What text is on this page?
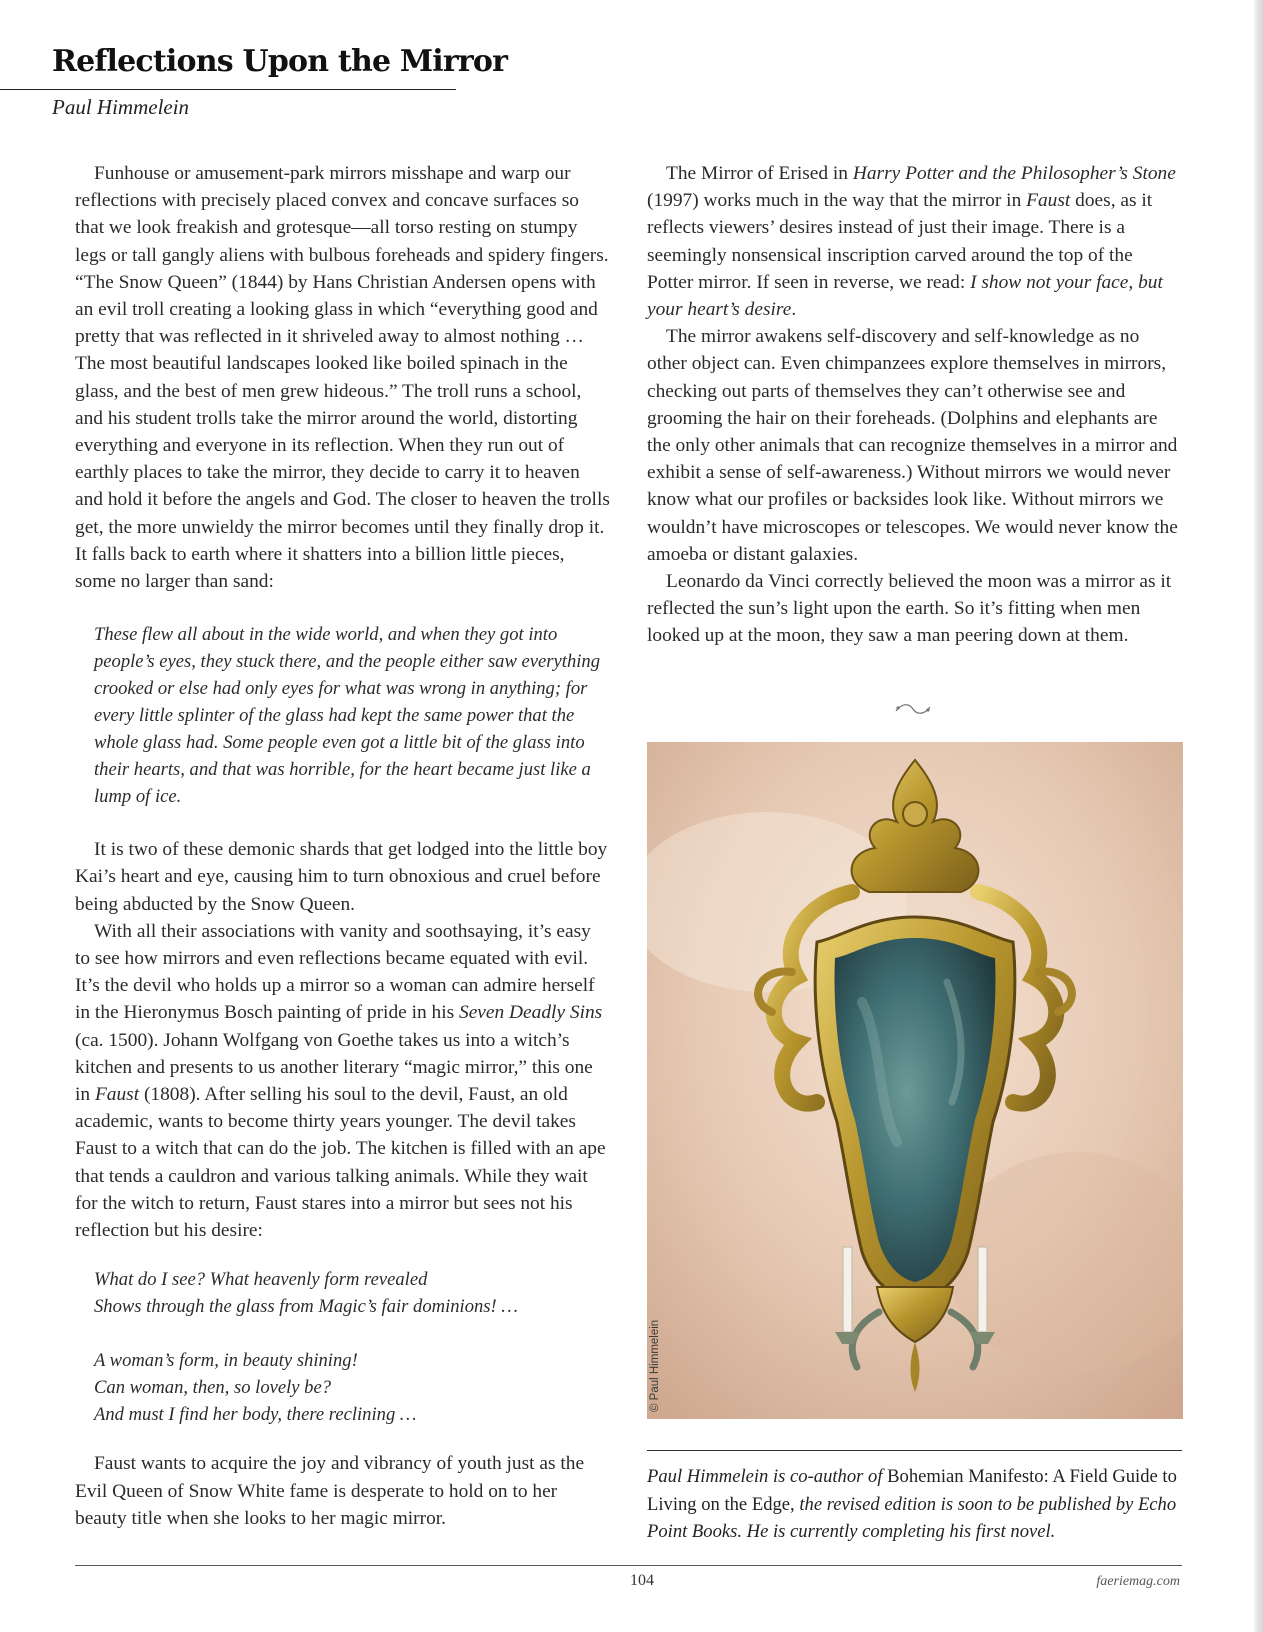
Reflections Upon the Mirror
Paul Himmelein

Funhouse or amusement-park mirrors misshape and warp our reflections with precisely placed convex and concave surfaces so that we look freakish and grotesque—all torso resting on stumpy legs or tall gangly aliens with bulbous foreheads and spidery fingers. “The Snow Queen” (1844) by Hans Christian Andersen opens with an evil troll creating a looking glass in which “everything good and pretty that was reflected in it shriveled away to almost nothing … The most beautiful landscapes looked like boiled spinach in the glass, and the best of men grew hideous.” The troll runs a school, and his student trolls take the mirror around the world, distorting everything and everyone in its reflection. When they run out of earthly places to take the mirror, they decide to carry it to heaven and hold it before the angels and God. The closer to heaven the trolls get, the more unwieldy the mirror becomes until they finally drop it. It falls back to earth where it shatters into a billion little pieces, some no larger than sand:

These flew all about in the wide world, and when they got into people’s eyes, they stuck there, and the people either saw everything crooked or else had only eyes for what was wrong in anything; for every little splinter of the glass had kept the same power that the whole glass had. Some people even got a little bit of the glass into their hearts, and that was horrible, for the heart became just like a lump of ice.

It is two of these demonic shards that get lodged into the little boy Kai’s heart and eye, causing him to turn obnoxious and cruel before being abducted by the Snow Queen.

With all their associations with vanity and soothsaying, it’s easy to see how mirrors and even reflections became equated with evil. It’s the devil who holds up a mirror so a woman can admire herself in the Hieronymus Bosch painting of pride in his Seven Deadly Sins (ca. 1500). Johann Wolfgang von Goethe takes us into a witch’s kitchen and presents to us another literary “magic mirror,” this one in Faust (1808). After selling his soul to the devil, Faust, an old academic, wants to become thirty years younger. The devil takes Faust to a witch that can do the job. The kitchen is filled with an ape that tends a cauldron and various talking animals. While they wait for the witch to return, Faust stares into a mirror but sees not his reflection but his desire:

What do I see? What heavenly form revealed
Shows through the glass from Magic’s fair dominions! …
A woman’s form, in beauty shining!
Can woman, then, so lovely be?
And must I find her body, there reclining …

Faust wants to acquire the joy and vibrancy of youth just as the Evil Queen of Snow White fame is desperate to hold on to her beauty title when she looks to her magic mirror.

The Mirror of Erised in Harry Potter and the Philosopher’s Stone (1997) works much in the way that the mirror in Faust does, as it reflects viewers’ desires instead of just their image. There is a seemingly nonsensical inscription carved around the top of the Potter mirror. If seen in reverse, we read: I show not your face, but your heart’s desire.

The mirror awakens self-discovery and self-knowledge as no other object can. Even chimpanzees explore themselves in mirrors, checking out parts of themselves they can’t otherwise see and grooming the hair on their foreheads. (Dolphins and elephants are the only other animals that can recognize themselves in a mirror and exhibit a sense of self-awareness.) Without mirrors we would never know what our profiles or backsides look like. Without mirrors we wouldn’t have microscopes or telescopes. We would never know the amoeba or distant galaxies.

Leonardo da Vinci correctly believed the moon was a mirror as it reflected the sun’s light upon the earth. So it’s fitting when men looked up at the moon, they saw a man peering down at them.

© Paul Himmelein

Paul Himmelein is co-author of Bohemian Manifesto: A Field Guide to Living on the Edge, the revised edition is soon to be published by Echo Point Books. He is currently completing his first novel.

104	faeriemag.com
